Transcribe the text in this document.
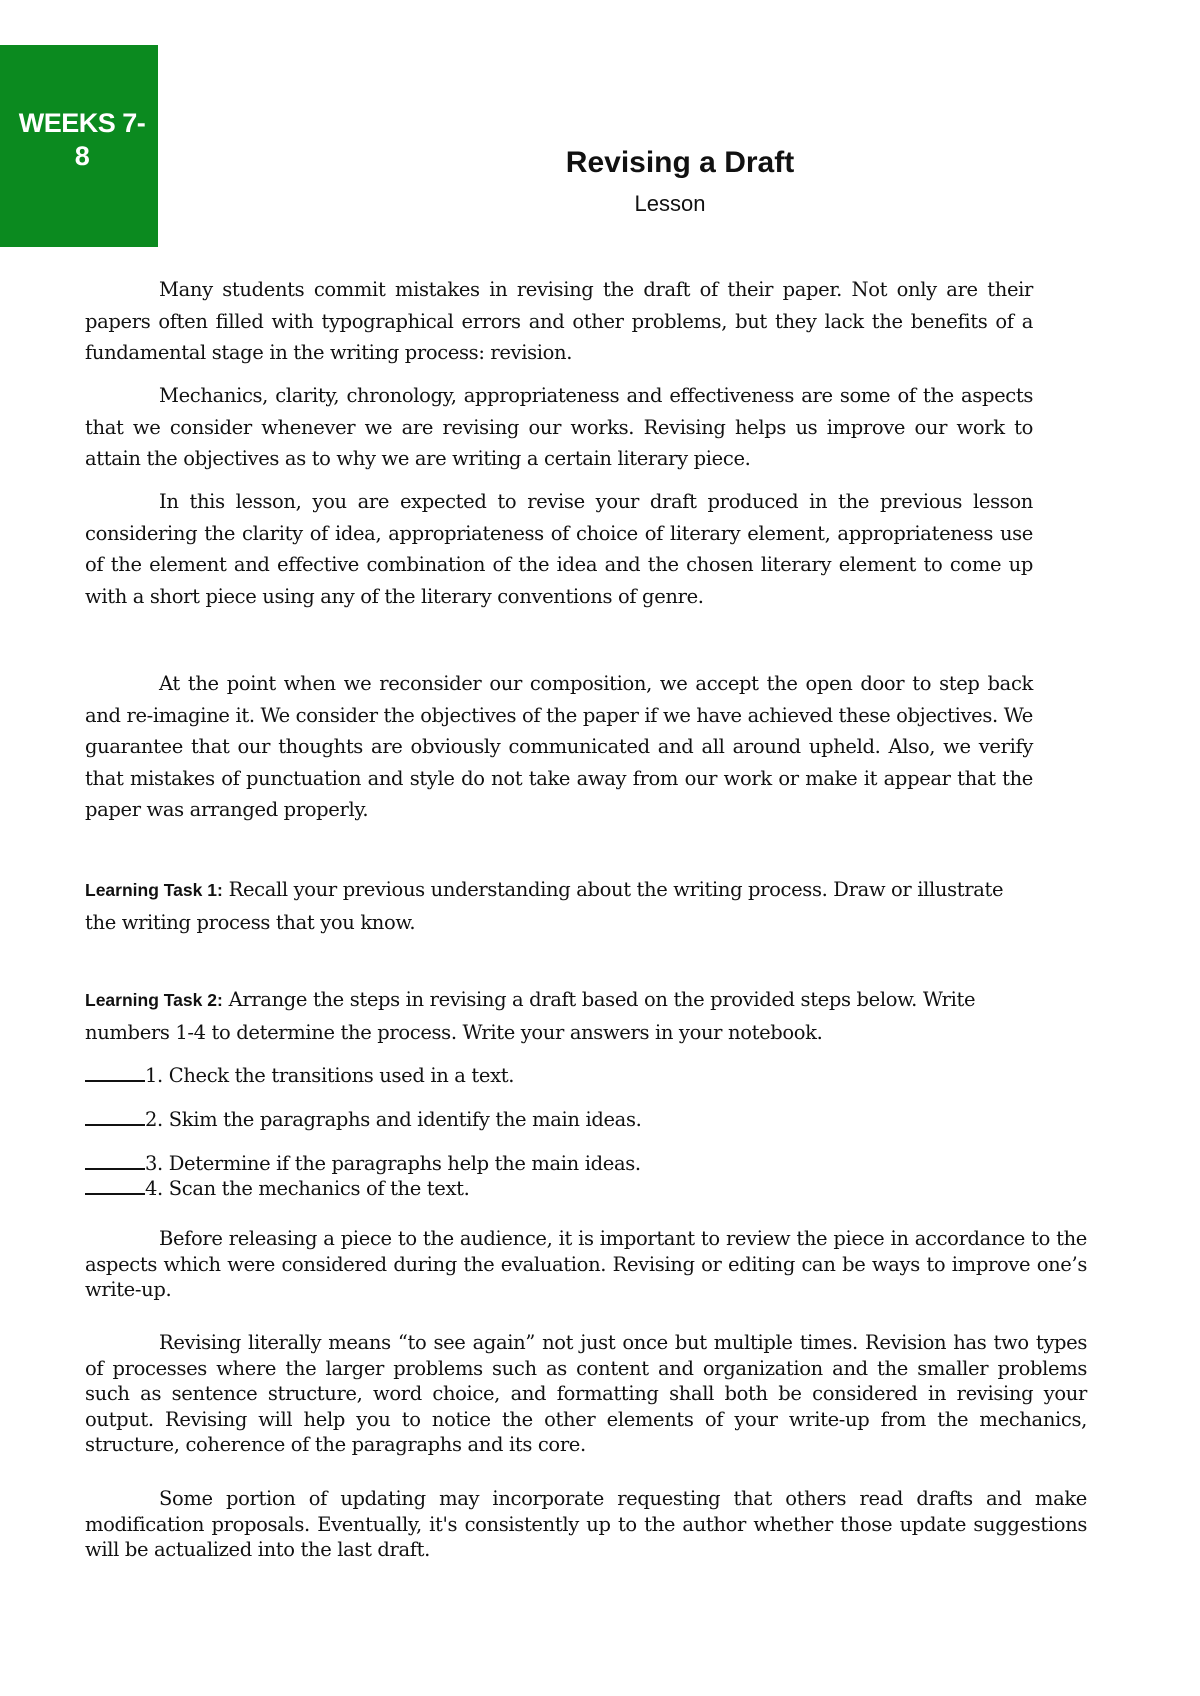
WEEKS 7-
8	Revising a Draft
Lesson

Many students commit mistakes in revising the draft of their paper. Not only are their papers often filled with typographical errors and other problems, but they lack the benefits of a fundamental stage in the writing process: revision.

Mechanics, clarity, chronology, appropriateness and effectiveness are some of the aspects that we consider whenever we are revising our works. Revising helps us improve our work to attain the objectives as to why we are writing a certain literary piece.

In this lesson, you are expected to revise your draft produced in the previous lesson considering the clarity of idea, appropriateness of choice of literary element, appropriateness use of the element and effective combination of the idea and the chosen literary element to come up with a short piece using any of the literary conventions of genre.

At the point when we reconsider our composition, we accept the open door to step back and re-imagine it. We consider the objectives of the paper if we have achieved these objectives. We guarantee that our thoughts are obviously communicated and all around upheld. Also, we verify that mistakes of punctuation and style do not take away from our work or make it appear that the paper was arranged properly.

Learning Task 1: Recall your previous understanding about the writing process. Draw or illustrate the writing process that you know.

Learning Task 2: Arrange the steps in revising a draft based on the provided steps below. Write numbers 1-4 to determine the process. Write your answers in your notebook.

1. Check the transitions used in a text.
2. Skim the paragraphs and identify the main ideas.
3. Determine if the paragraphs help the main ideas.
4. Scan the mechanics of the text.

Before releasing a piece to the audience, it is important to review the piece in accordance to the aspects which were considered during the evaluation. Revising or editing can be ways to improve one’s write-up.

Revising literally means “to see again” not just once but multiple times. Revision has two types of processes where the larger problems such as content and organization and the smaller problems such as sentence structure, word choice, and formatting shall both be considered in revising your output. Revising will help you to notice the other elements of your write-up from the mechanics, structure, coherence of the paragraphs and its core.

Some portion of updating may incorporate requesting that others read drafts and make modification proposals. Eventually, it's consistently up to the author whether those update suggestions will be actualized into the last draft.
